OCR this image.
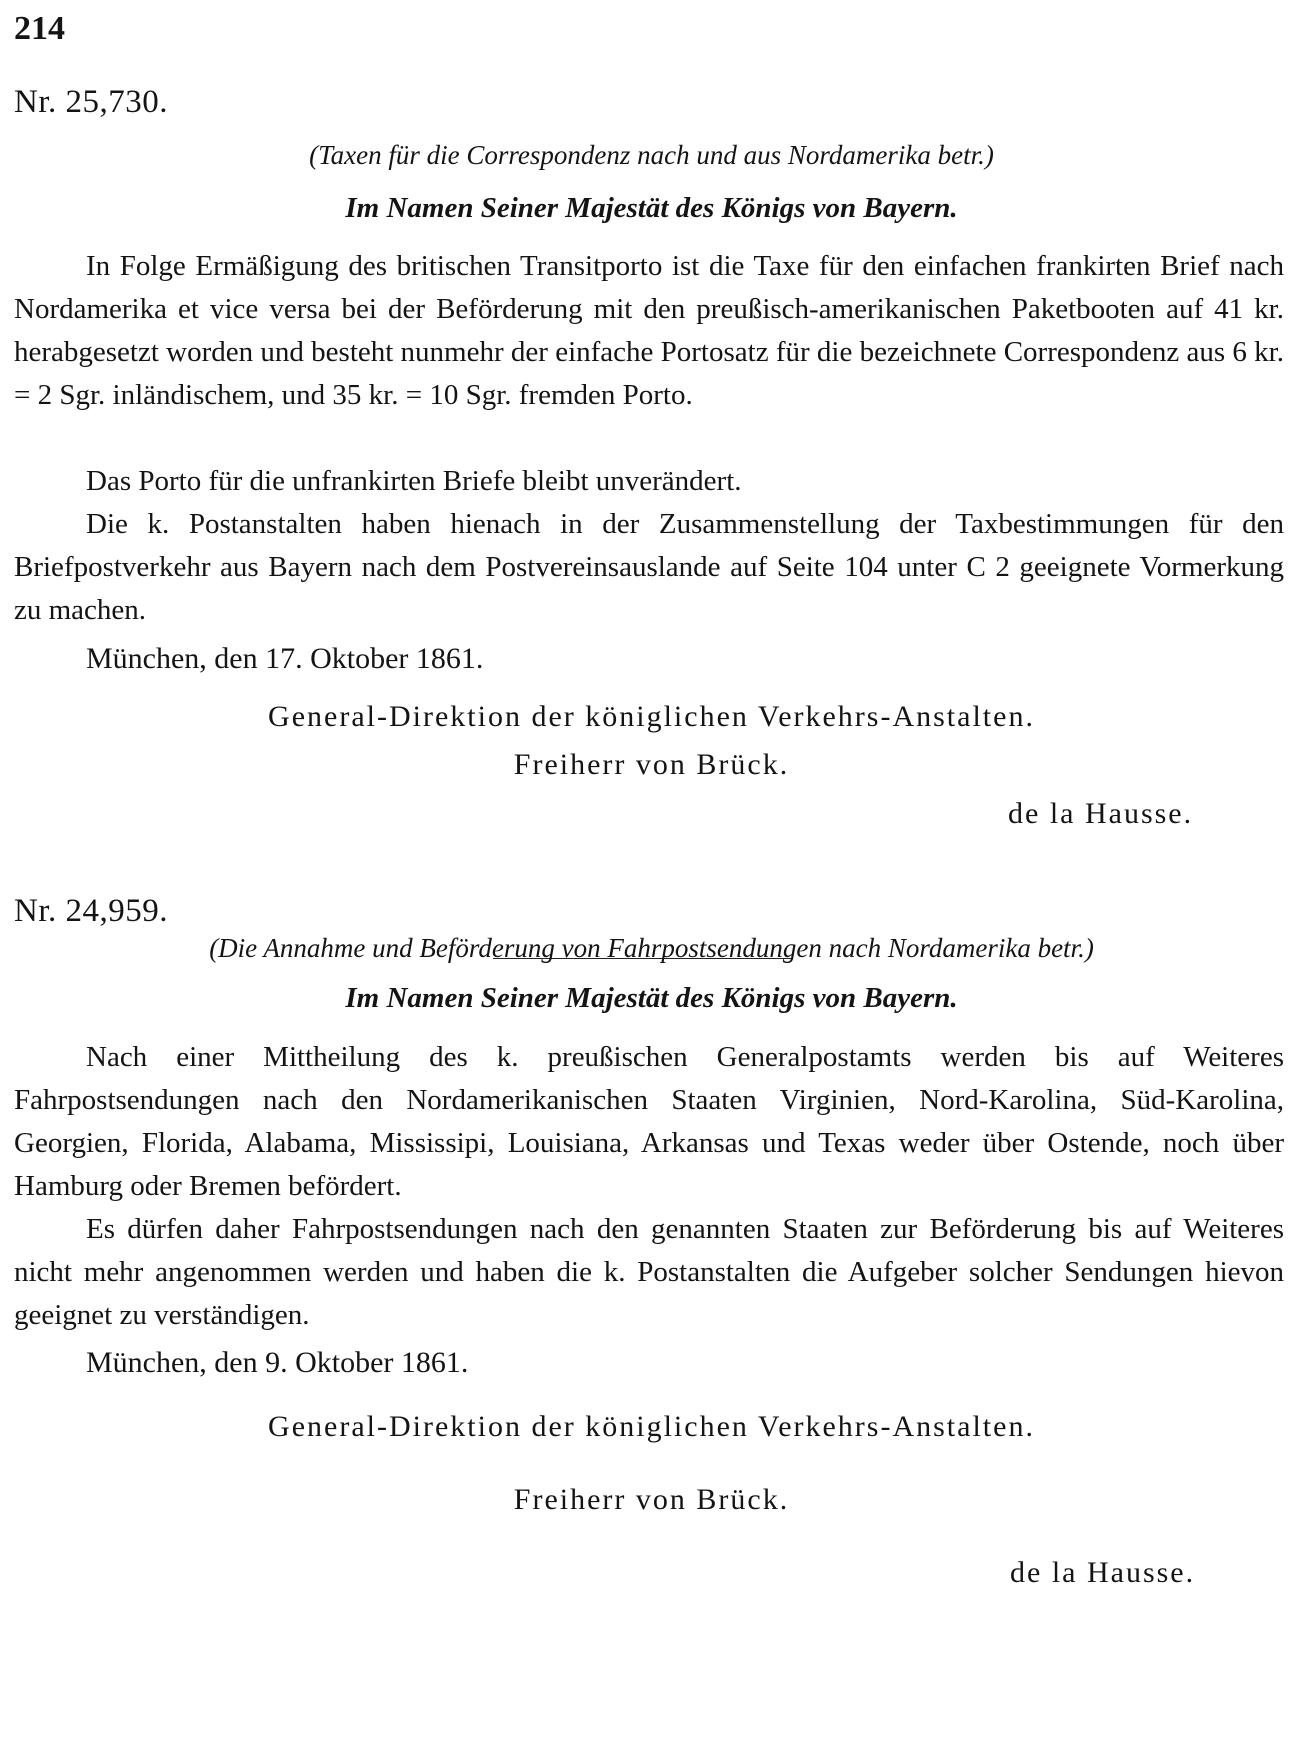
214
Nr. 25,730.
(Taxen für die Correspondenz nach und aus Nordamerika betr.)
Im Namen Seiner Majestät des Königs von Bayern.

In Folge Ermäßigung des britischen Transitporto ist die Taxe für den einfachen frankirten Brief nach Nordamerika et vice versa bei der Beförderung mit den preußisch-amerikanischen Paketbooten auf 41 kr. herabgesetzt worden und besteht nunmehr der einfache Portosatz für die bezeichnete Correspondenz aus 6 kr. = 2 Sgr. inländischem, und 35 kr. = 10 Sgr. fremden Porto.

Das Porto für die unfrankirten Briefe bleibt unverändert.

Die k. Postanstalten haben hienach in der Zusammenstellung der Taxbestimmungen für den Briefpostverkehr aus Bayern nach dem Postvereinsauslande auf Seite 104 unter C 2 geeignete Vormerkung zu machen.

München, den 17. Oktober 1861.
General-Direktion der königlichen Verkehrs-Anstalten.
Freiherr von Brück.
de la Hausse.
Nr. 24,959.
(Die Annahme und Beförderung von Fahrpostsendungen nach Nordamerika betr.)
Im Namen Seiner Majestät des Königs von Bayern.

Nach einer Mittheilung des k. preußischen Generalpostamts werden bis auf Weiteres Fahrpostsendungen nach den Nordamerikanischen Staaten Virginien, Nord-Karolina, Süd-Karolina, Georgien, Florida, Alabama, Mississipi, Louisiana, Arkansas und Texas weder über Ostende, noch über Hamburg oder Bremen befördert.

Es dürfen daher Fahrpostsendungen nach den genannten Staaten zur Beförderung bis auf Weiteres nicht mehr angenommen werden und haben die k. Postanstalten die Aufgeber solcher Sendungen hievon geeignet zu verständigen.

München, den 9. Oktober 1861.
General-Direktion der königlichen Verkehrs-Anstalten.
Freiherr von Brück.
de la Hausse.
